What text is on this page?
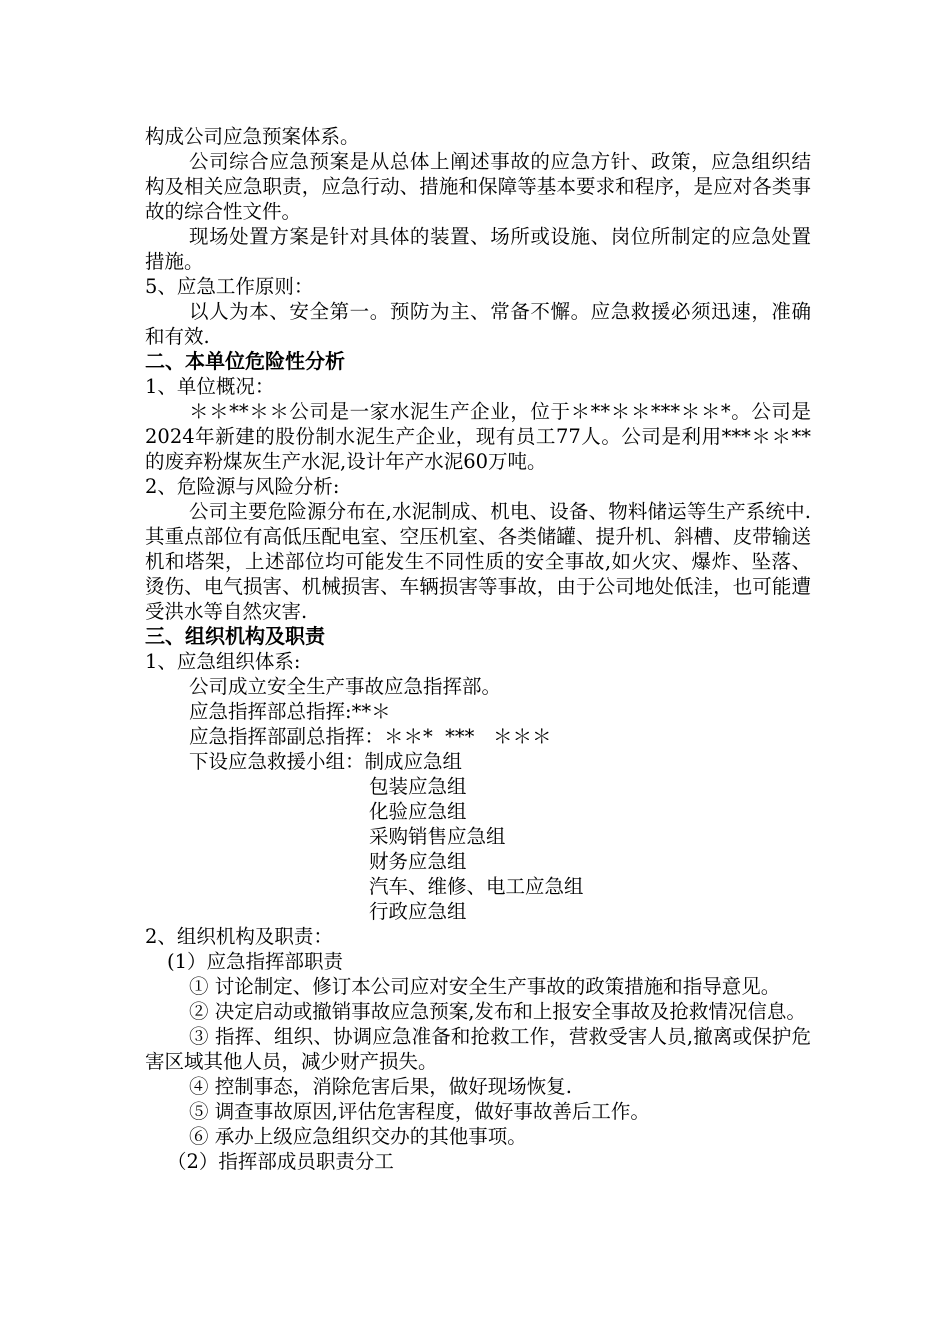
构成公司应急预案体系。

公司综合应急预案是从总体上阐述事故的应急方针、政策，应急组织结构及相关应急职责，应急行动、措施和保障等基本要求和程序，是应对各类事故的综合性文件。

现场处置方案是针对具体的装置、场所或设施、岗位所制定的应急处置措施。

5、应急工作原则：

以人为本、安全第一。预防为主、常备不懈。应急救援必须迅速，准确和有效.

二、本单位危险性分析
1、单位概况：

＊＊**＊＊公司是一家水泥生产企业，位于＊**＊＊***＊＊*。公司是2024年新建的股份制水泥生产企业，现有员工77人。公司是利用***＊＊**的废弃粉煤灰生产水泥,设计年产水泥60万吨。

2、危险源与风险分析:

公司主要危险源分布在,水泥制成、机电、设备、物料储运等生产系统中.其重点部位有高低压配电室、空压机室、各类储罐、提升机、斜槽、皮带输送机和塔架，上述部位均可能发生不同性质的安全事故,如火灾、爆炸、坠落、烫伤、电气损害、机械损害、车辆损害等事故，由于公司地处低洼，也可能遭受洪水等自然灾害.

三、组织机构及职责
1、应急组织体系:
公司成立安全生产事故应急指挥部。
应急指挥部总指挥:**＊
应急指挥部副总指挥：＊＊*  ***   ＊＊＊
下设应急救援小组：制成应急组
包装应急组
化验应急组
采购销售应急组
财务应急组
汽车、维修、电工应急组
行政应急组
2、组织机构及职责：
(1）应急指挥部职责

① 讨论制定、修订本公司应对安全生产事故的政策措施和指导意见。

② 决定启动或撤销事故应急预案,发布和上报安全事故及抢救情况信息。

③ 指挥、组织、协调应急准备和抢救工作，营救受害人员,撤离或保护危害区域其他人员，减少财产损失。

④ 控制事态，消除危害后果，做好现场恢复.

⑤ 调查事故原因,评估危害程度，做好事故善后工作。

⑥ 承办上级应急组织交办的其他事项。

（2）指挥部成员职责分工
